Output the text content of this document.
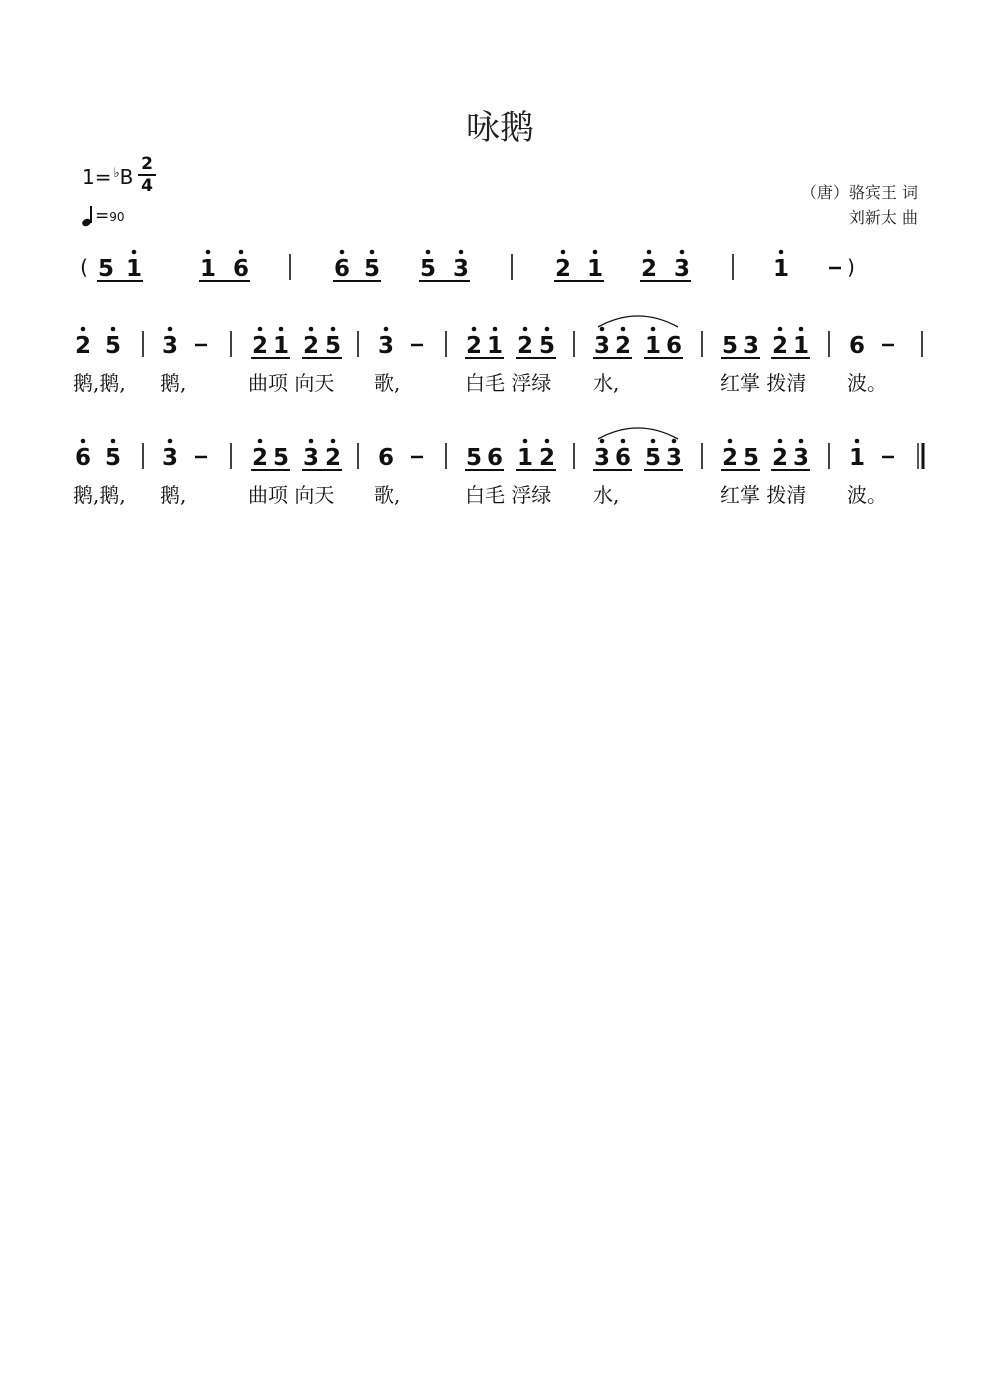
咏鹅
1= ♭B
2
4
=90
（唐）骆宾王 词
刘新太 曲
(	)
5 1	1 6	6 5 5 3	2 1 2 3	1
2 5
鹅,鹅,
3
鹅,
2 1 2 5
曲项 向天
3
歌,
2 1 2 5
白毛 浮绿
3 2 1 6
水,
5 3 2 1
红掌 拨清
6
波。
6 5
鹅,鹅,
3
鹅,
2 5 3 2
曲项 向天
6
歌,
5 6 1 2
白毛 浮绿
3 6 5 3
水,
2 5 2 3
红掌 拨清
1
波。
